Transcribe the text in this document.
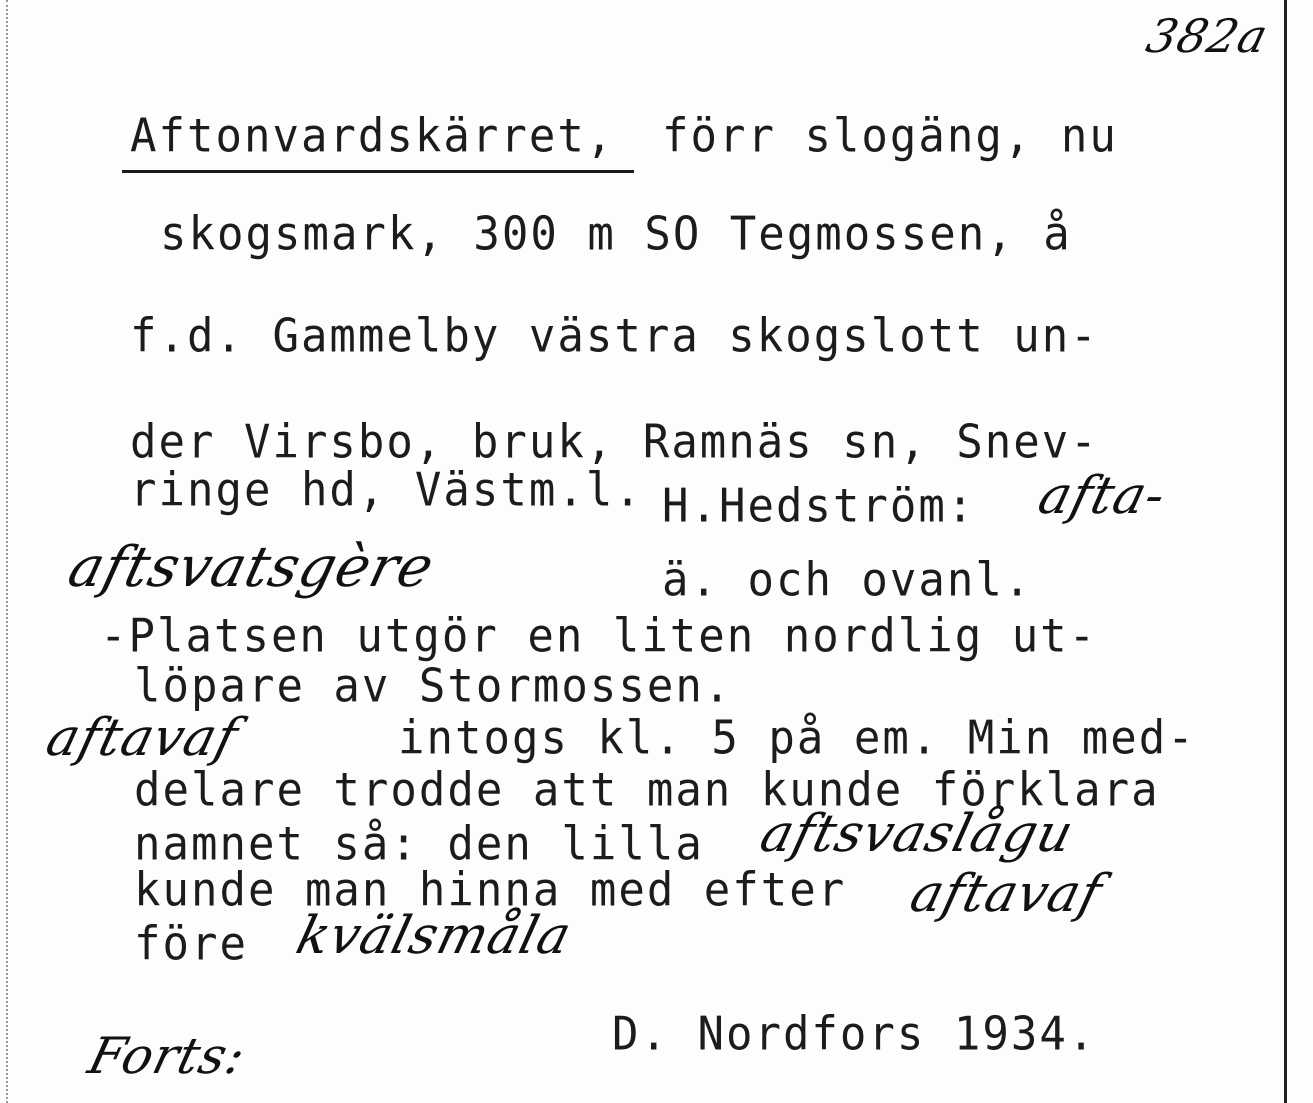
382a
Aftonvardskärret, förr slogäng, nu
skogsmark, 300 m SO Tegmossen, å
f.d. Gammelby västra skogslott un-
der Virsbo, bruk, Ramnäs sn, Snev-
ringe hd, Västm.l. H.Hedström: afta-
aftsvatsgère	ä. och ovanl.
-Platsen utgör en liten nordlig ut-
löpare av Stormossen.
aftavaf	intogs kl. 5 på em. Min med-
delare trodde att man kunde förklara
namnet så: den lilla aftsvaslågu
kunde man hinna med efter aftavaf
före kvälsmåla
D. Nordfors 1934.
Forts:
